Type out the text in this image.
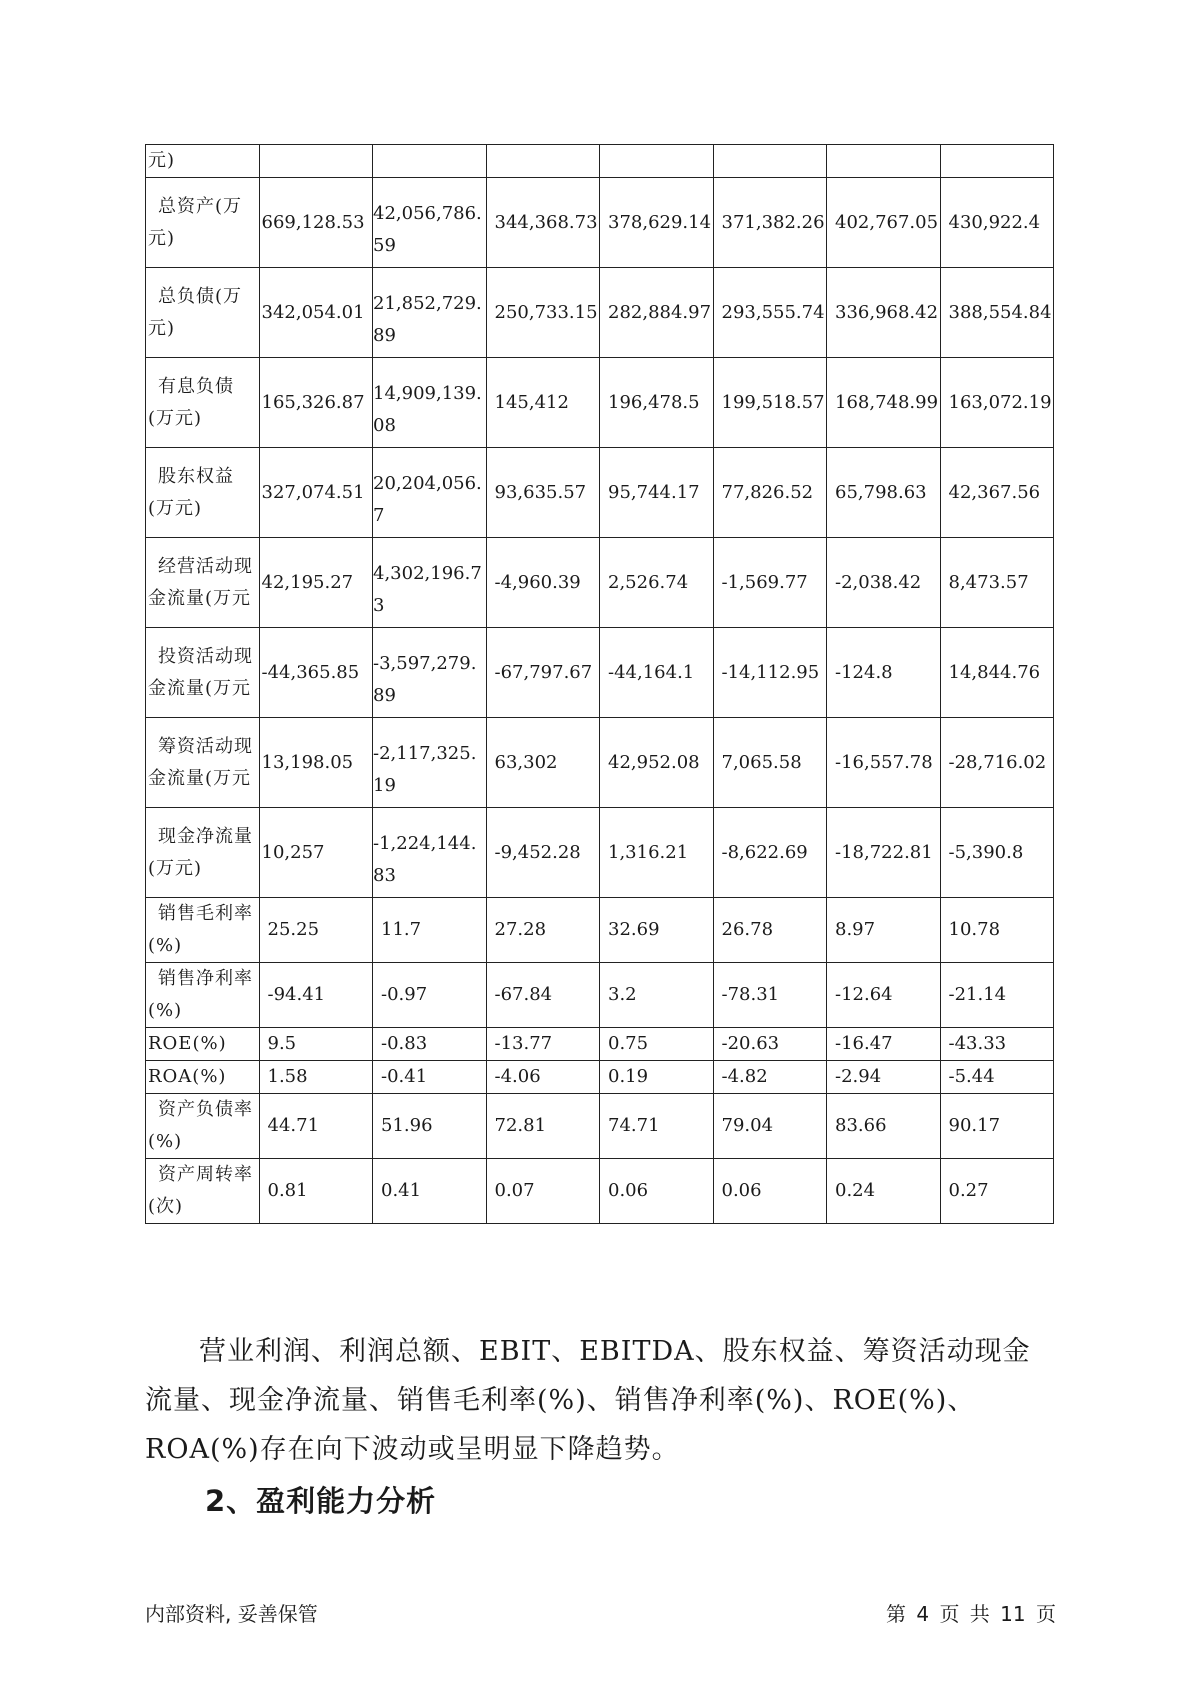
元)							

总资产(万元)	669,128.53	42,056,786.59	344,368.73	378,629.14	371,382.26	402,767.05	430,922.4

总负债(万元)	342,054.01	21,852,729.89	250,733.15	282,884.97	293,555.74	336,968.42	388,554.84

有息负债(万元)	165,326.87	14,909,139.08	145,412	196,478.5	199,518.57	168,748.99	163,072.19

股东权益(万元)	327,074.51	20,204,056.7	93,635.57	95,744.17	77,826.52	65,798.63	42,367.56

经营活动现金流量(万元	42,195.27	4,302,196.73	-4,960.39	2,526.74	-1,569.77	-2,038.42	8,473.57

投资活动现金流量(万元	-44,365.85	-3,597,279.89	-67,797.67	-44,164.1	-14,112.95	-124.8	14,844.76

筹资活动现金流量(万元	13,198.05	-2,117,325.19	63,302	42,952.08	7,065.58	-16,557.78	-28,716.02

现金净流量(万元)	10,257	-1,224,144.83	-9,452.28	1,316.21	-8,622.69	-18,722.81	-5,390.8

销售毛利率(%)	25.25	11.7	27.28	32.69	26.78	8.97	10.78

销售净利率(%)	-94.41	-0.97	-67.84	3.2	-78.31	-12.64	-21.14

ROE(%)	9.5	-0.83	-13.77	0.75	-20.63	-16.47	-43.33

ROA(%)	1.58	-0.41	-4.06	0.19	-4.82	-2.94	-5.44

资产负债率(%)	44.71	51.96	72.81	74.71	79.04	83.66	90.17

资产周转率(次)	0.81	0.41	0.07	0.06	0.06	0.24	0.27
营业利润、利润总额、EBIT、EBITDA、股东权益、筹资活动现金流量、现金净流量、销售毛利率(%)、销售净利率(%)、ROE(%)、ROA(%)存在向下波动或呈明显下降趋势。
2、盈利能力分析
内部资料, 妥善保管	第 4 页 共 11 页
